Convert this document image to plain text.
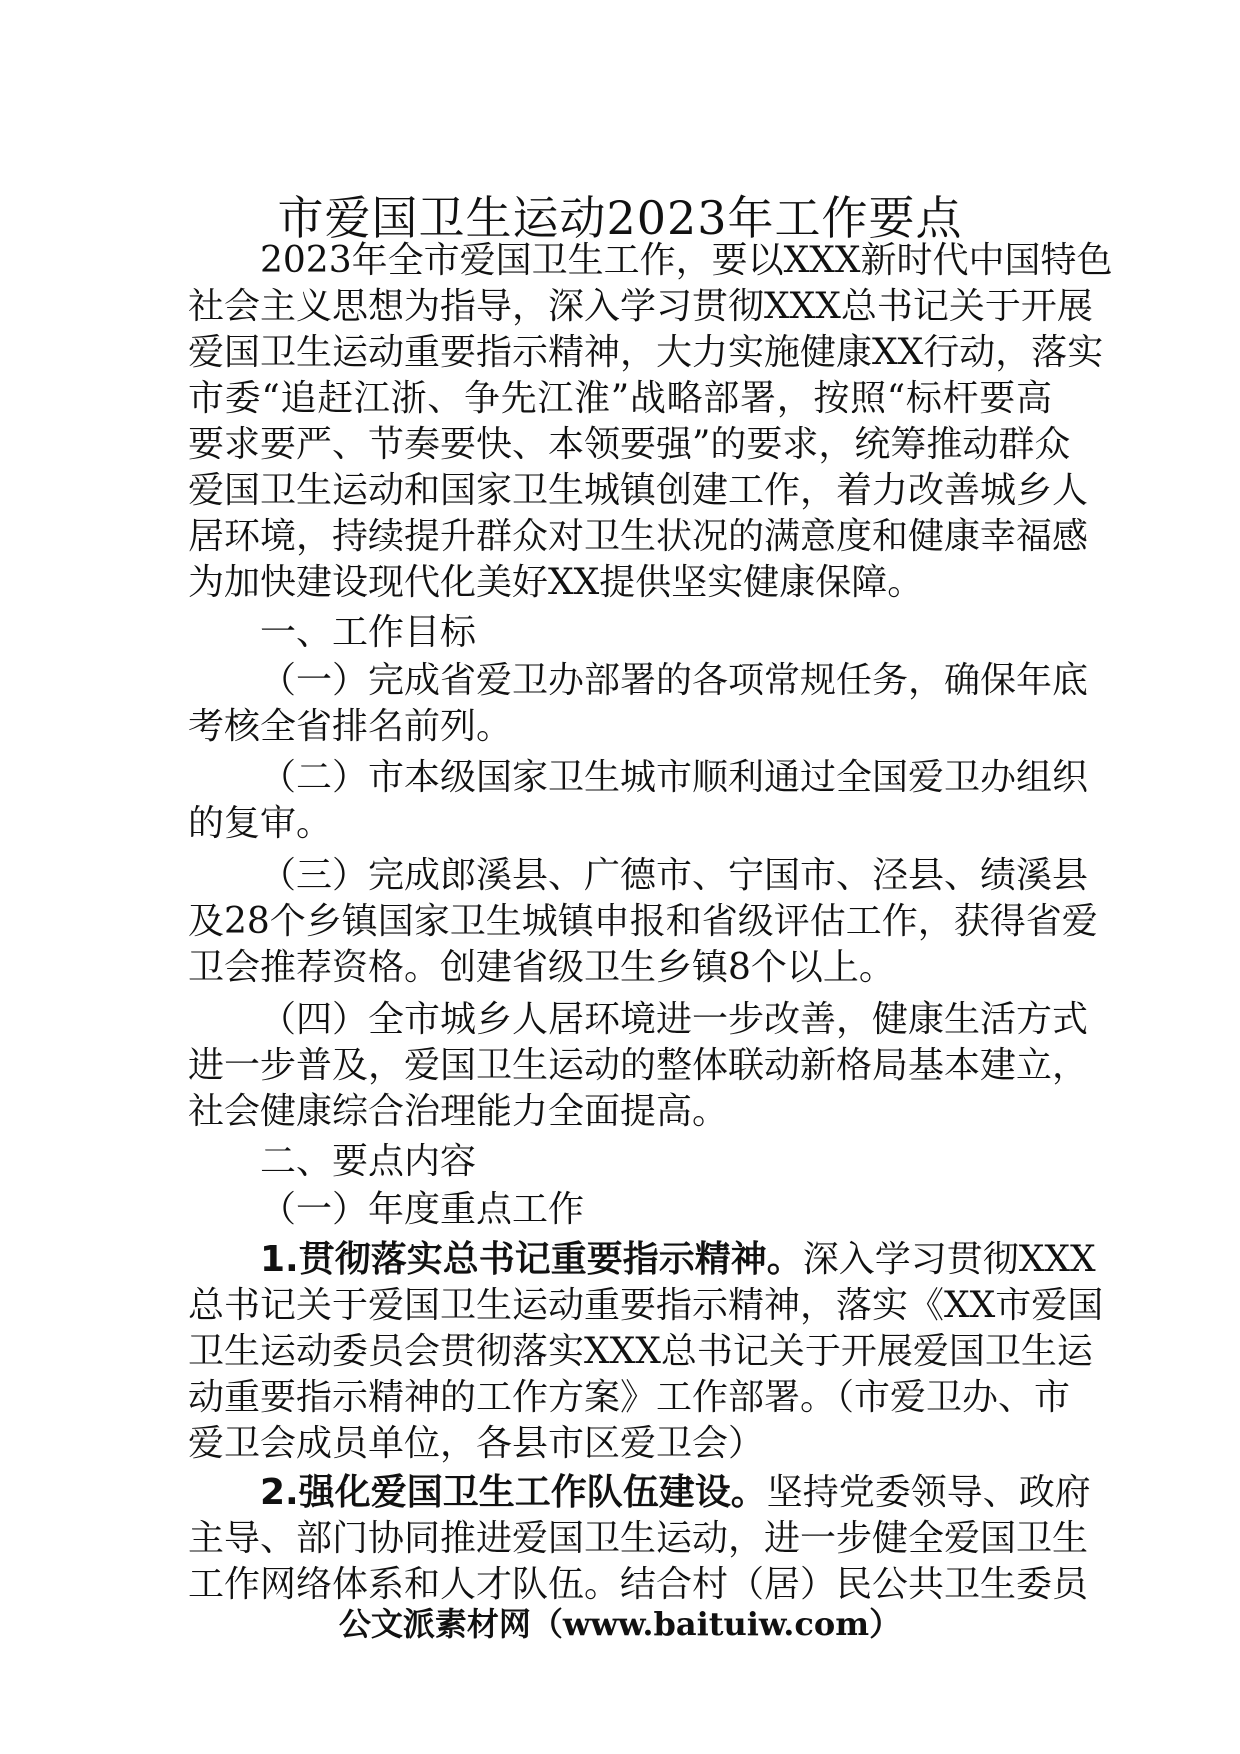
市爱国卫生运动2023年工作要点
2023年全市爱国卫生工作，要以XXX新时代中国特色
社会主义思想为指导，深入学习贯彻XXX总书记关于开展
爱国卫生运动重要指示精神，大力实施健康XX行动，落实
市委“追赶江浙、争先江淮”战略部署，按照“标杆要高
要求要严、节奏要快、本领要强”的要求，统筹推动群众
爱国卫生运动和国家卫生城镇创建工作，着力改善城乡人
居环境，持续提升群众对卫生状况的满意度和健康幸福感
为加快建设现代化美好XX提供坚实健康保障。
一、工作目标
（一）完成省爱卫办部署的各项常规任务，确保年底
考核全省排名前列。
（二）市本级国家卫生城市顺利通过全国爱卫办组织
的复审。
（三）完成郎溪县、广德市、宁国市、泾县、绩溪县
及28个乡镇国家卫生城镇申报和省级评估工作，获得省爱
卫会推荐资格。创建省级卫生乡镇8个以上。
（四）全市城乡人居环境进一步改善，健康生活方式
进一步普及，爱国卫生运动的整体联动新格局基本建立，
社会健康综合治理能力全面提高。
二、要点内容
（一）年度重点工作
1.贯彻落实总书记重要指示精神。深入学习贯彻XXX
总书记关于爱国卫生运动重要指示精神，落实《XX市爱国
卫生运动委员会贯彻落实XXX总书记关于开展爱国卫生运
动重要指示精神的工作方案》工作部署。（市爱卫办、市
爱卫会成员单位，各县市区爱卫会）
2.强化爱国卫生工作队伍建设。坚持党委领导、政府
主导、部门协同推进爱国卫生运动，进一步健全爱国卫生
工作网络体系和人才队伍。结合村（居）民公共卫生委员
公文派素材网（www.baituiw.com）
